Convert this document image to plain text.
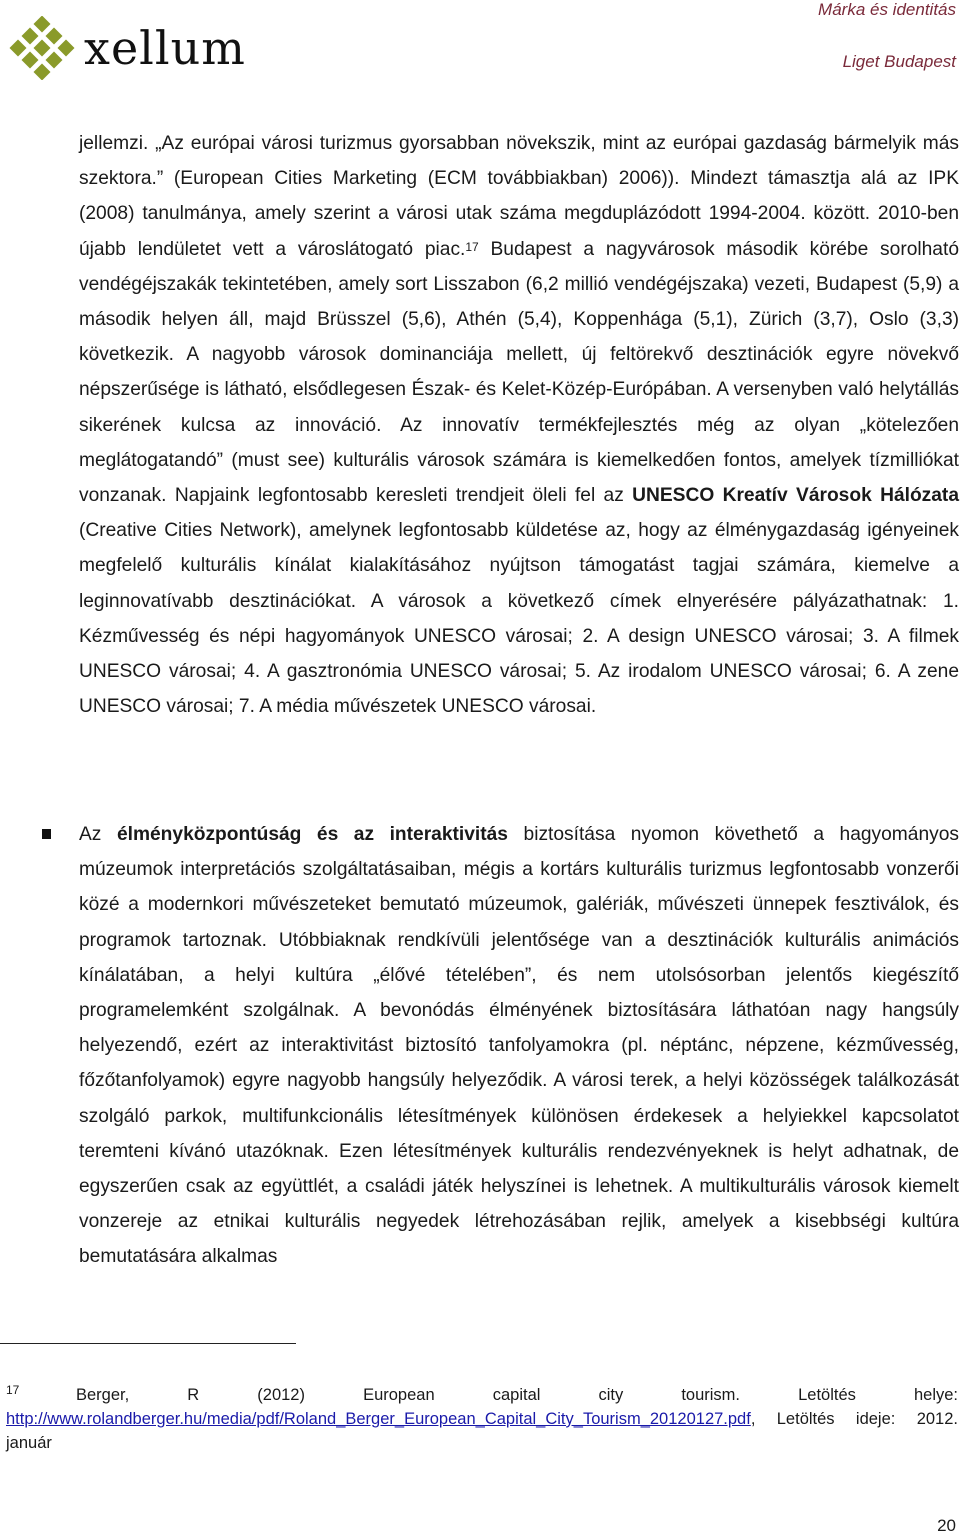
xellum
Márka és identitás
Liget Budapest

jellemzi. „Az európai városi turizmus gyorsabban növekszik, mint az európai gazdaság bármelyik más szektora.” (European Cities Marketing (ECM továbbiakban) 2006)). Mindezt támasztja alá az IPK (2008) tanulmánya, amely szerint a városi utak száma megduplázódott 1994-2004. között. 2010-ben újabb lendületet vett a városlátogató piac.$^{17}$ Budapest a nagyvárosok második körébe sorolható vendégéjszakák tekintetében, amely sort Lisszabon (6,2 millió vendégéjszaka) vezeti, Budapest (5,9) a második helyen áll, majd Brüsszel (5,6), Athén (5,4), Koppenhága (5,1), Zürich (3,7), Oslo (3,3) következik. A nagyobb városok dominanciája mellett, új feltörekvő desztinációk egyre növekvő népszerűsége is látható, elsődlegesen Észak- és Kelet-Közép-Európában. A versenyben való helytállás sikerének kulcsa az innováció. Az innovatív termékfejlesztés még az olyan „kötelezően meglátogatandó” (must see) kulturális városok számára is kiemelkedően fontos, amelyek tízmilliókat vonzanak. Napjaink legfontosabb keresleti trendjeit öleli fel az UNESCO Kreatív Városok Hálózata (Creative Cities Network), amelynek legfontosabb küldetése az, hogy az élménygazdaság igényeinek megfelelő kulturális kínálat kialakításához nyújtson támogatást tagjai számára, kiemelve a leginnovatívabb desztinációkat. A városok a következő címek elnyerésére pályázathatnak: 1. Kézművesség és népi hagyományok UNESCO városai; 2. A design UNESCO városai; 3. A filmek UNESCO városai; 4. A gasztronómia UNESCO városai; 5. Az irodalom UNESCO városai; 6. A zene UNESCO városai; 7. A média művészetek UNESCO városai.

Az élményközpontúság és az interaktivitás biztosítása nyomon követhető a hagyományos múzeumok interpretációs szolgáltatásaiban, mégis a kortárs kulturális turizmus legfontosabb vonzerői közé a modernkori művészeteket bemutató múzeumok, galériák, művészeti ünnepek fesztiválok, és programok tartoznak. Utóbbiaknak rendkívüli jelentősége van a desztinációk kulturális animációs kínálatában, a helyi kultúra „élővé tételében”, és nem utolsósorban jelentős kiegészítő programelemként szolgálnak. A bevonódás élményének biztosítására láthatóan nagy hangsúly helyezendő, ezért az interaktivitást biztosító tanfolyamokra (pl. néptánc, népzene, kézművesség, főzőtanfolyamok) egyre nagyobb hangsúly helyeződik. A városi terek, a helyi közösségek találkozását szolgáló parkok, multifunkcionális létesítmények különösen érdekesek a helyiekkel kapcsolatot teremteni kívánó utazóknak. Ezen létesítmények kulturális rendezvényeknek is helyt adhatnak, de egyszerűen csak az együttlét, a családi játék helyszínei is lehetnek. A multikulturális városok kiemelt vonzereje az etnikai kulturális negyedek létrehozásában rejlik, amelyek a kisebbségi kultúra bemutatására alkalmas

17	Berger, R (2012) European capital city tourism. Letöltés helye: http://www.rolandberger.hu/media/pdf/Roland_Berger_European_Capital_City_Tourism_20120127.pdf, Letöltés ideje: 2012. január

20
